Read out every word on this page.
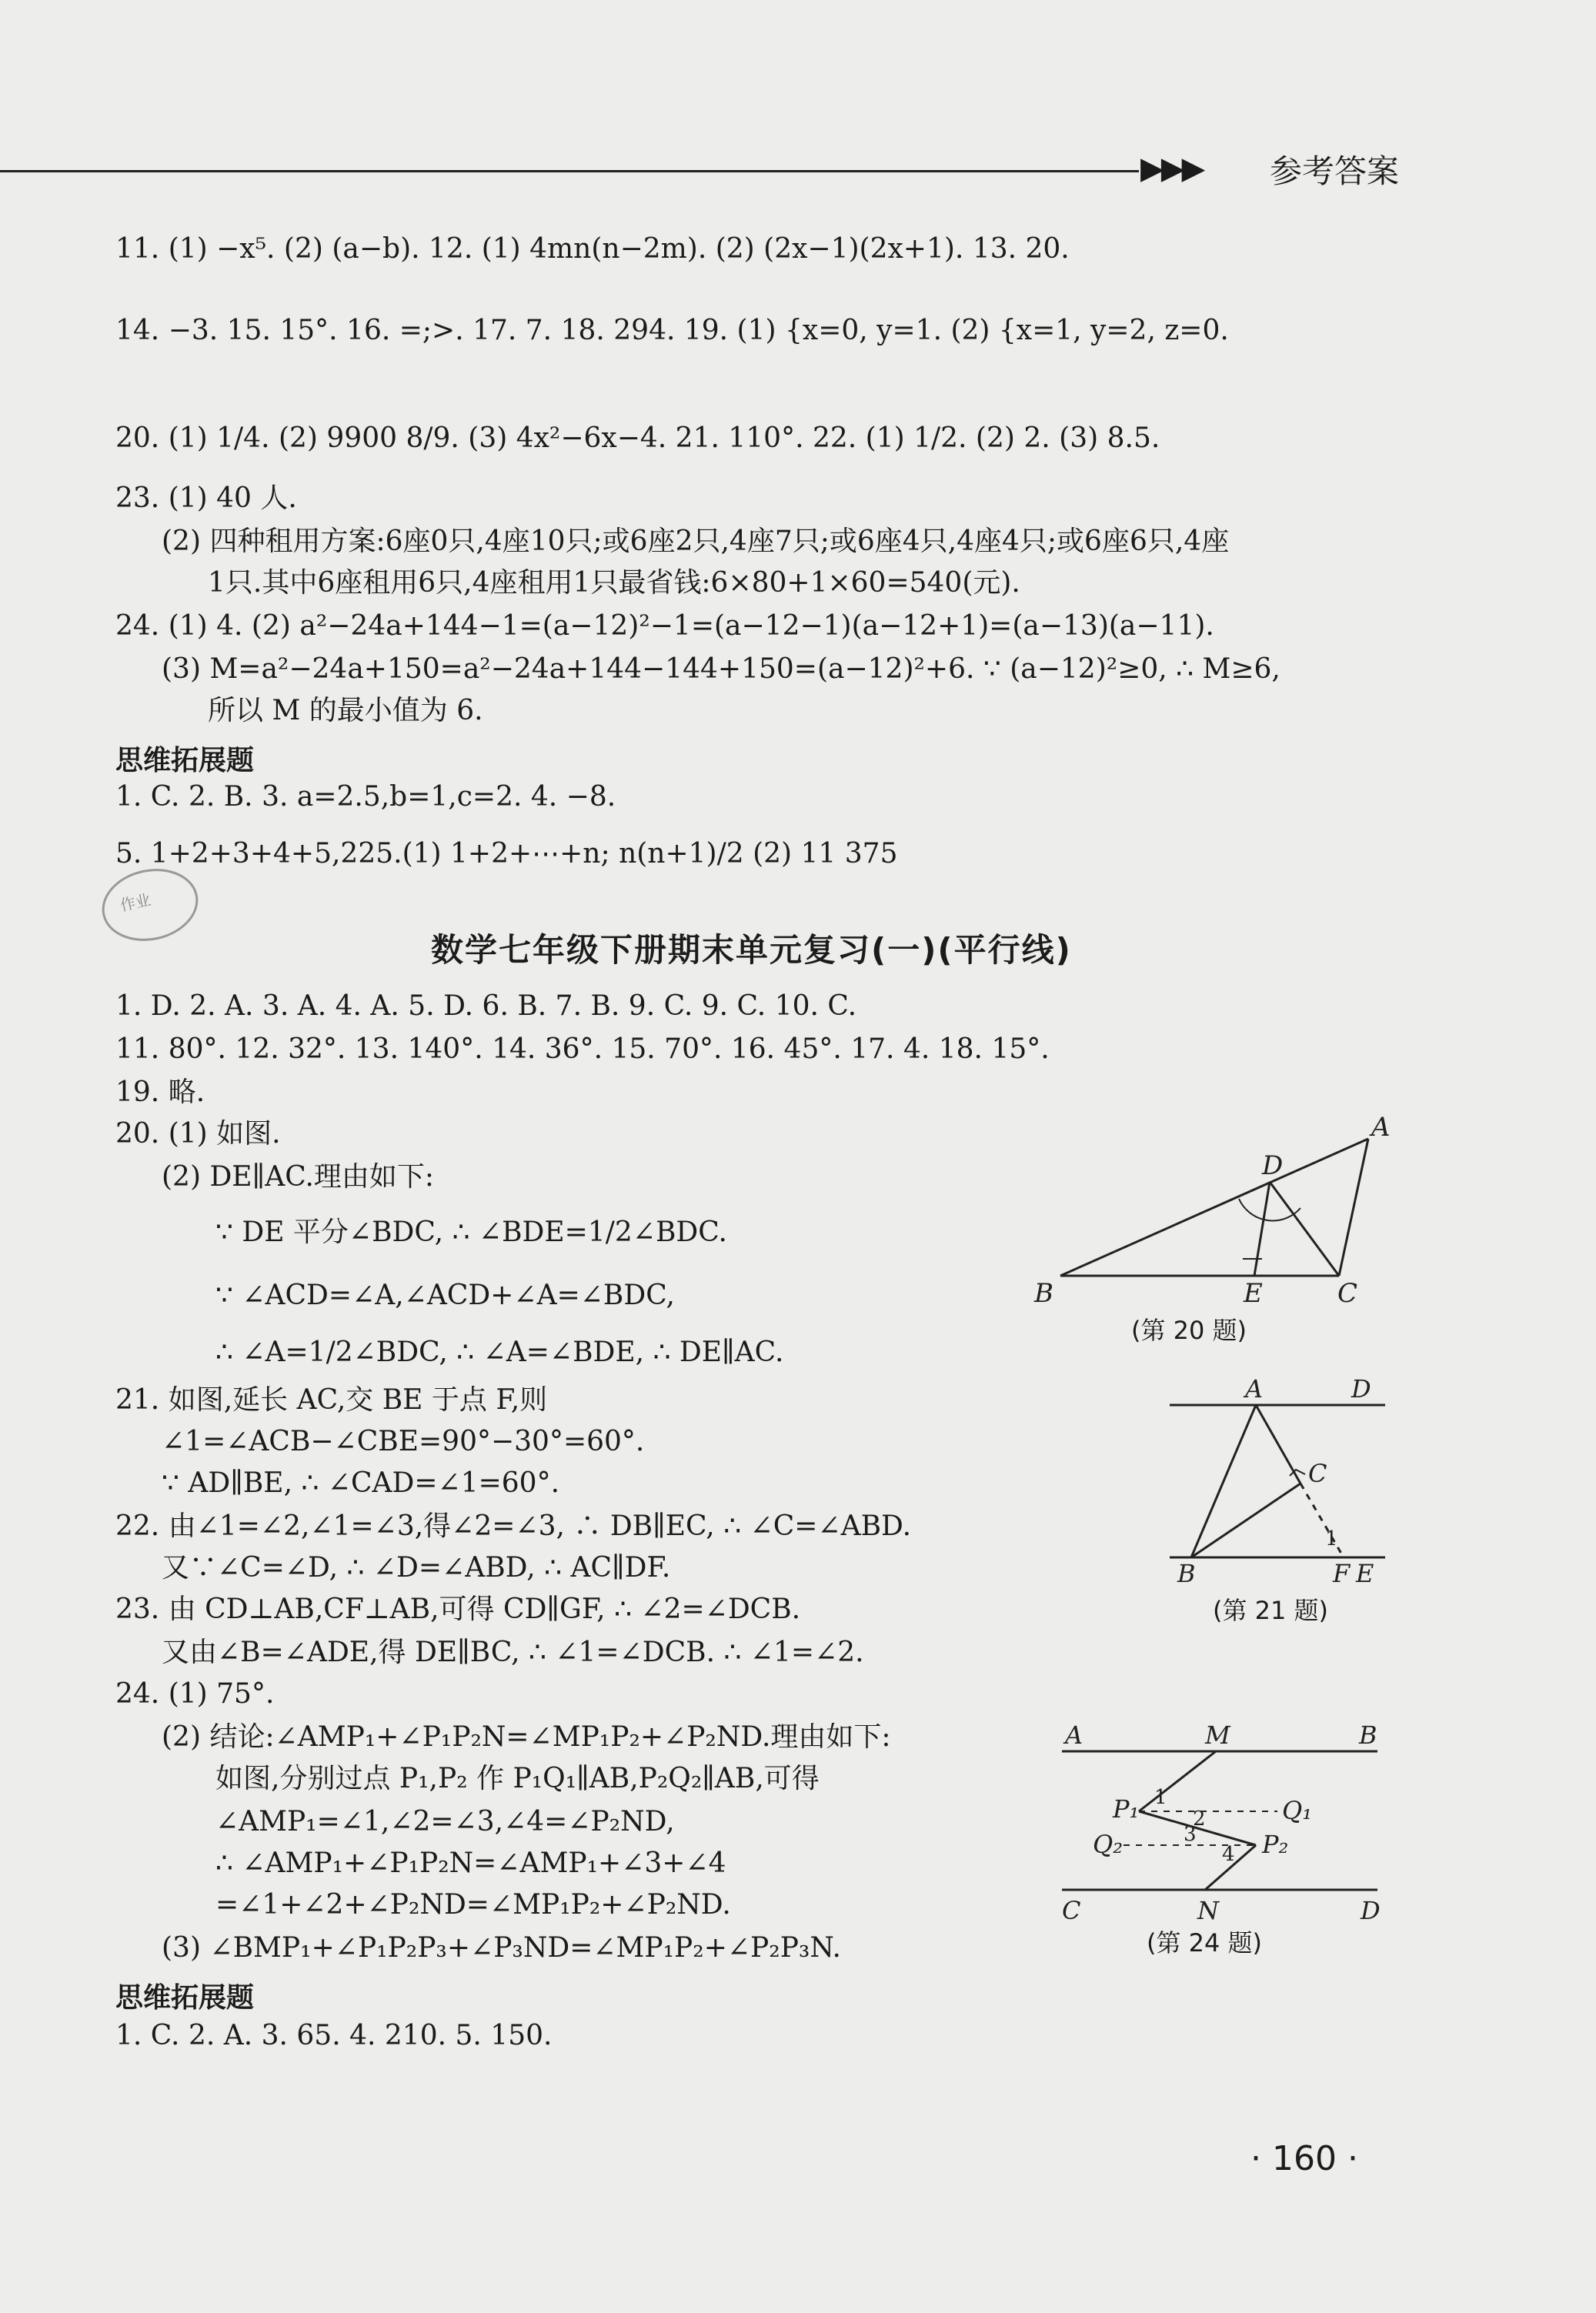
▶▶▶ 参考答案
11. (1) −x⁵. (2) (a−b). 12. (1) 4mn(n−2m). (2) (2x−1)(2x+1). 13. 20.
14. −3. 15. 15°. 16. =;>. 17. 7. 18. 294. 19. (1) {x=0, y=1. (2) {x=1, y=2, z=0.
20. (1) 1/4. (2) 9900 8/9. (3) 4x²−6x−4. 21. 110°. 22. (1) 1/2. (2) 2. (3) 8.5.
23. (1) 40 人.
(2) 四种租用方案:6座0只,4座10只;或6座2只,4座7只;或6座4只,4座4只;或6座6只,4座
1只.其中6座租用6只,4座租用1只最省钱:6×80+1×60=540(元).
24. (1) 4. (2) a²−24a+144−1=(a−12)²−1=(a−12−1)(a−12+1)=(a−13)(a−11).
(3) M=a²−24a+150=a²−24a+144−144+150=(a−12)²+6. ∵ (a−12)²≥0, ∴ M≥6,
所以 M 的最小值为 6.
思维拓展题
1. C. 2. B. 3. a=2.5,b=1,c=2. 4. −8.
5. 1+2+3+4+5,225.(1) 1+2+⋯+n; n(n+1)/2 (2) 11 375
作业
数学七年级下册期末单元复习(一)(平行线)
1. D. 2. A. 3. A. 4. A. 5. D. 6. B. 7. B. 9. C. 9. C. 10. C.
11. 80°. 12. 32°. 13. 140°. 14. 36°. 15. 70°. 16. 45°. 17. 4. 18. 15°.
19. 略.
20. (1) 如图.
(2) DE∥AC.理由如下:
∵ DE 平分∠BDC, ∴ ∠BDE=1/2∠BDC.
∵ ∠ACD=∠A,∠ACD+∠A=∠BDC,
∴ ∠A=1/2∠BDC, ∴ ∠A=∠BDE, ∴ DE∥AC.
21. 如图,延长 AC,交 BE 于点 F,则
∠1=∠ACB−∠CBE=90°−30°=60°.
∵ AD∥BE, ∴ ∠CAD=∠1=60°.
22. 由∠1=∠2,∠1=∠3,得∠2=∠3, ∴ DB∥EC, ∴ ∠C=∠ABD.
又∵∠C=∠D, ∴ ∠D=∠ABD, ∴ AC∥DF.
23. 由 CD⊥AB,CF⊥AB,可得 CD∥GF, ∴ ∠2=∠DCB.
又由∠B=∠ADE,得 DE∥BC, ∴ ∠1=∠DCB. ∴ ∠1=∠2.
24. (1) 75°.
(2) 结论:∠AMP₁+∠P₁P₂N=∠MP₁P₂+∠P₂ND.理由如下:
如图,分别过点 P₁,P₂ 作 P₁Q₁∥AB,P₂Q₂∥AB,可得
∠AMP₁=∠1,∠2=∠3,∠4=∠P₂ND,
∴ ∠AMP₁+∠P₁P₂N=∠AMP₁+∠3+∠4
=∠1+∠2+∠P₂ND=∠MP₁P₂+∠P₂ND.
(3) ∠BMP₁+∠P₁P₂P₃+∠P₃ND=∠MP₁P₂+∠P₂P₃N.
思维拓展题
1. C. 2. A. 3. 65. 4. 210. 5. 150.
A
B	C
D
E
(第 20 题)
A
B
C
D
F E
1
(第 21 题)
A	M	B
P₁	Q₁
Q₂	P₂
C	N	D
1
2
3
4
(第 24 题)
· 160 ·
